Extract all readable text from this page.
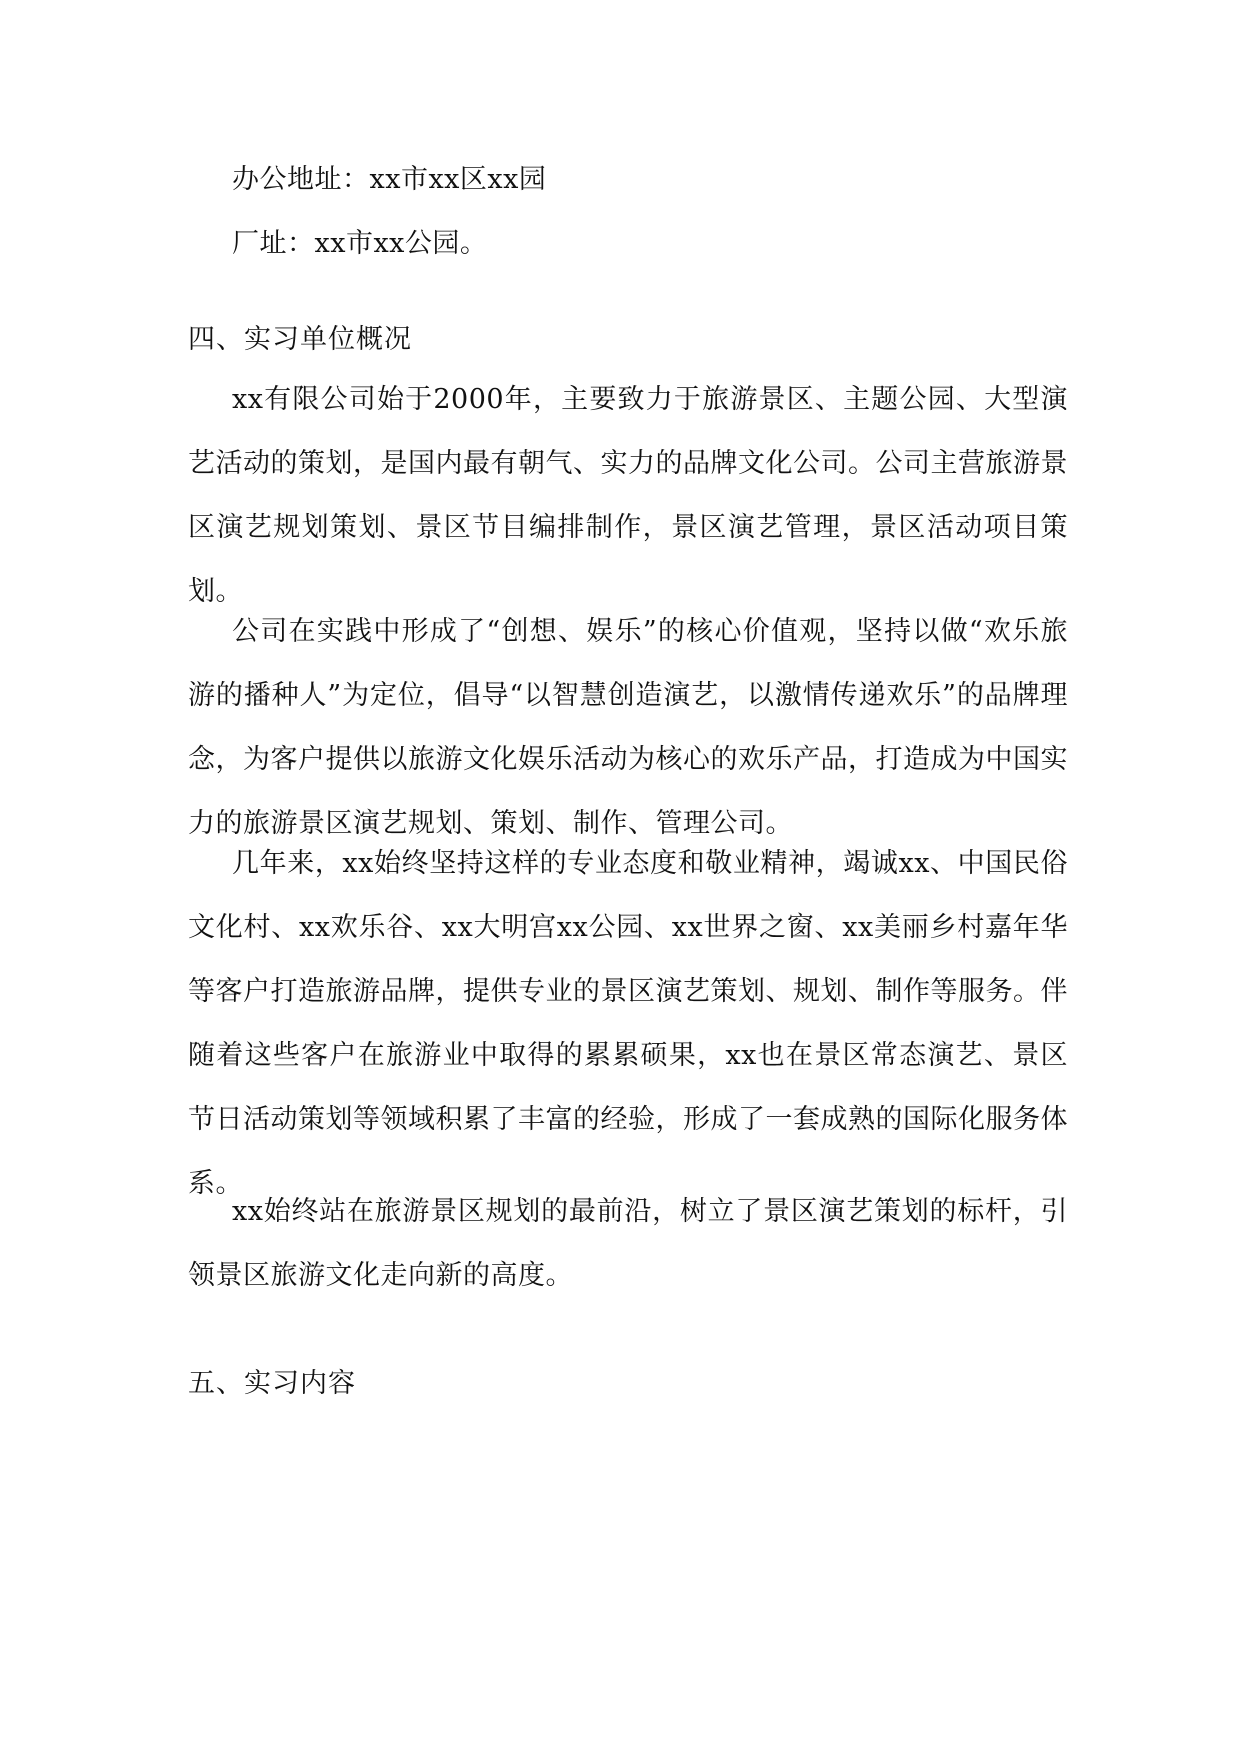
办公地址：xx市xx区xx园

厂址：xx市xx公园。

四、实习单位概况

xx有限公司始于2000年，主要致力于旅游景区、主题公园、大型演艺活动的策划，是国内最有朝气、实力的品牌文化公司。公司主营旅游景区演艺规划策划、景区节目编排制作，景区演艺管理，景区活动项目策划。

公司在实践中形成了“创想、娱乐”的核心价值观，坚持以做“欢乐旅游的播种人”为定位，倡导“以智慧创造演艺，以激情传递欢乐”的品牌理念，为客户提供以旅游文化娱乐活动为核心的欢乐产品，打造成为中国实力的旅游景区演艺规划、策划、制作、管理公司。

几年来，xx始终坚持这样的专业态度和敬业精神，竭诚xx、中国民俗文化村、xx欢乐谷、xx大明宫xx公园、xx世界之窗、xx美丽乡村嘉年华等客户打造旅游品牌，提供专业的景区演艺策划、规划、制作等服务。伴随着这些客户在旅游业中取得的累累硕果，xx也在景区常态演艺、景区节日活动策划等领域积累了丰富的经验，形成了一套成熟的国际化服务体系。

xx始终站在旅游景区规划的最前沿，树立了景区演艺策划的标杆，引领景区旅游文化走向新的高度。

五、实习内容
